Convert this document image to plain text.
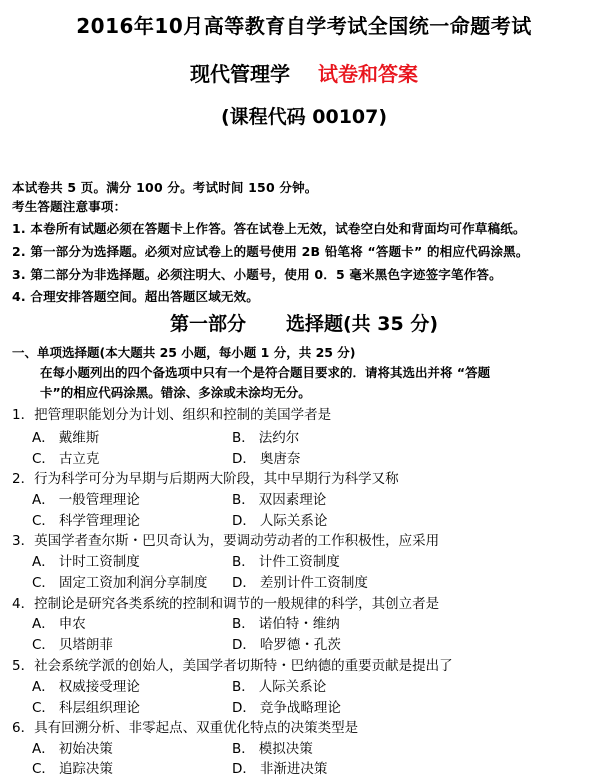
2016年10月高等教育自学考试全国统一命题考试
现代管理学 试卷和答案
(课程代码 00107)
本试卷共 5 页。满分 100 分。考试时间 150 分钟。
考生答题注意事项：
1. 本卷所有试题必须在答题卡上作答。答在试卷上无效，试卷空白处和背面均可作草稿纸。
2. 第一部分为选择题。必须对应试卷上的题号使用 2B 铅笔将 “答题卡” 的相应代码涂黑。
3. 第二部分为非选择题。必须注明大、小题号，使用 0．5 毫米黑色字迹签字笔作答。
4. 合理安排答题空间。超出答题区域无效。
第一部分 选择题(共 35 分)
一、单项选择题(本大题共 25 小题，每小题 1 分，共 25 分)
在每小题列出的四个备选项中只有一个是符合题目要求的．请将其选出并将 “答题
卡”的相应代码涂黑。错涂、多涂或未涂均无分。
1．把管理职能划分为计划、组织和控制的美国学者是
A． 戴维斯	B． 法约尔
C． 古立克	D． 奥唐奈
2．行为科学可分为早期与后期两大阶段，其中早期行为科学又称
A． 一般管理理论	B． 双因素理论
C． 科学管理理论	D． 人际关系论
3．英国学者查尔斯・巴贝奇认为，要调动劳动者的工作积极性，应采用
A． 计时工资制度	B． 计件工资制度
C． 固定工资加利润分享制度 D． 差别计件工资制度
4．控制论是研究各类系统的控制和调节的一般规律的科学，其创立者是
A． 申农	B． 诺伯特・维纳
C． 贝塔朗菲	D． 哈罗德・孔茨
5．社会系统学派的创始人，美国学者切斯特・巴纳德的重要贡献是提出了
A． 权威接受理论	B． 人际关系论
C． 科层组织理论	D． 竞争战略理论
6．具有回溯分析、非零起点、双重优化特点的决策类型是
A． 初始决策	B． 模拟决策
C． 追踪决策	D． 非渐进决策
